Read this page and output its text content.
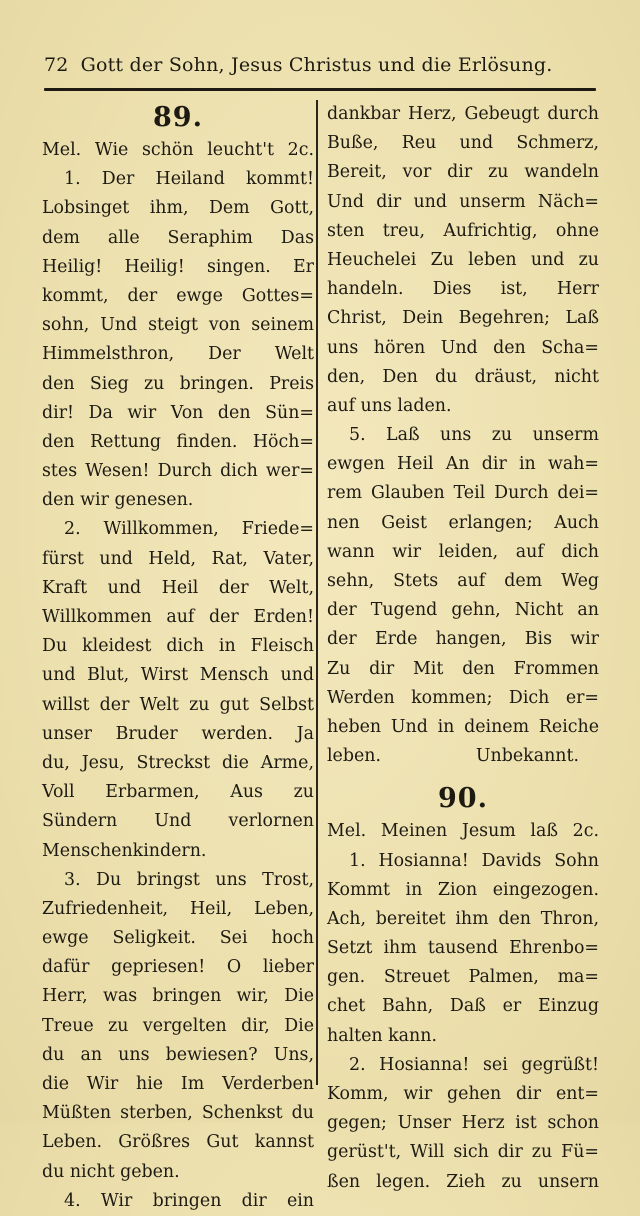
72 Gott der Sohn, Jesus Christus und die Erlösung.
89.
Mel. Wie schön leucht't 2c.
1. Der Heiland kommt!
Lobsinget ihm, Dem Gott,
dem alle Seraphim Das
Heilig! Heilig! singen. Er
kommt, der ewge Gottes=
sohn, Und steigt von seinem
Himmelsthron, Der Welt
den Sieg zu bringen. Preis
dir! Da wir Von den Sün=
den Rettung finden. Höch=
stes Wesen! Durch dich wer=
den wir genesen.
2. Willkommen, Friede=
fürst und Held, Rat, Vater,
Kraft und Heil der Welt,
Willkommen auf der Erden!
Du kleidest dich in Fleisch
und Blut, Wirst Mensch und
willst der Welt zu gut Selbst
unser Bruder werden. Ja
du, Jesu, Streckst die Arme,
Voll Erbarmen, Aus zu
Sündern Und verlornen
Menschenkindern.
3. Du bringst uns Trost,
Zufriedenheit, Heil, Leben,
ewge Seligkeit. Sei hoch
dafür gepriesen! O lieber
Herr, was bringen wir, Die
Treue zu vergelten dir, Die
du an uns bewiesen? Uns,
die Wir hie Im Verderben
Müßten sterben, Schenkst du
Leben. Größres Gut kannst
du nicht geben.
4. Wir bringen dir ein
dankbar Herz, Gebeugt durch
Buße, Reu und Schmerz,
Bereit, vor dir zu wandeln
Und dir und unserm Näch=
sten treu, Aufrichtig, ohne
Heuchelei Zu leben und zu
handeln. Dies ist, Herr
Christ, Dein Begehren; Laß
uns hören Und den Scha=
den, Den du dräust, nicht
auf uns laden.
5. Laß uns zu unserm
ewgen Heil An dir in wah=
rem Glauben Teil Durch dei=
nen Geist erlangen; Auch
wann wir leiden, auf dich
sehn, Stets auf dem Weg
der Tugend gehn, Nicht an
der Erde hangen, Bis wir
Zu dir Mit den Frommen
Werden kommen; Dich er=
heben Und in deinem Reiche
leben.	Unbekannt.
90.
Mel. Meinen Jesum laß 2c.
1. Hosianna! Davids Sohn
Kommt in Zion eingezogen.
Ach, bereitet ihm den Thron,
Setzt ihm tausend Ehrenbo=
gen. Streuet Palmen, ma=
chet Bahn, Daß er Einzug
halten kann.
2. Hosianna! sei gegrüßt!
Komm, wir gehen dir ent=
gegen; Unser Herz ist schon
gerüst't, Will sich dir zu Fü=
ßen legen. Zieh zu unsern
